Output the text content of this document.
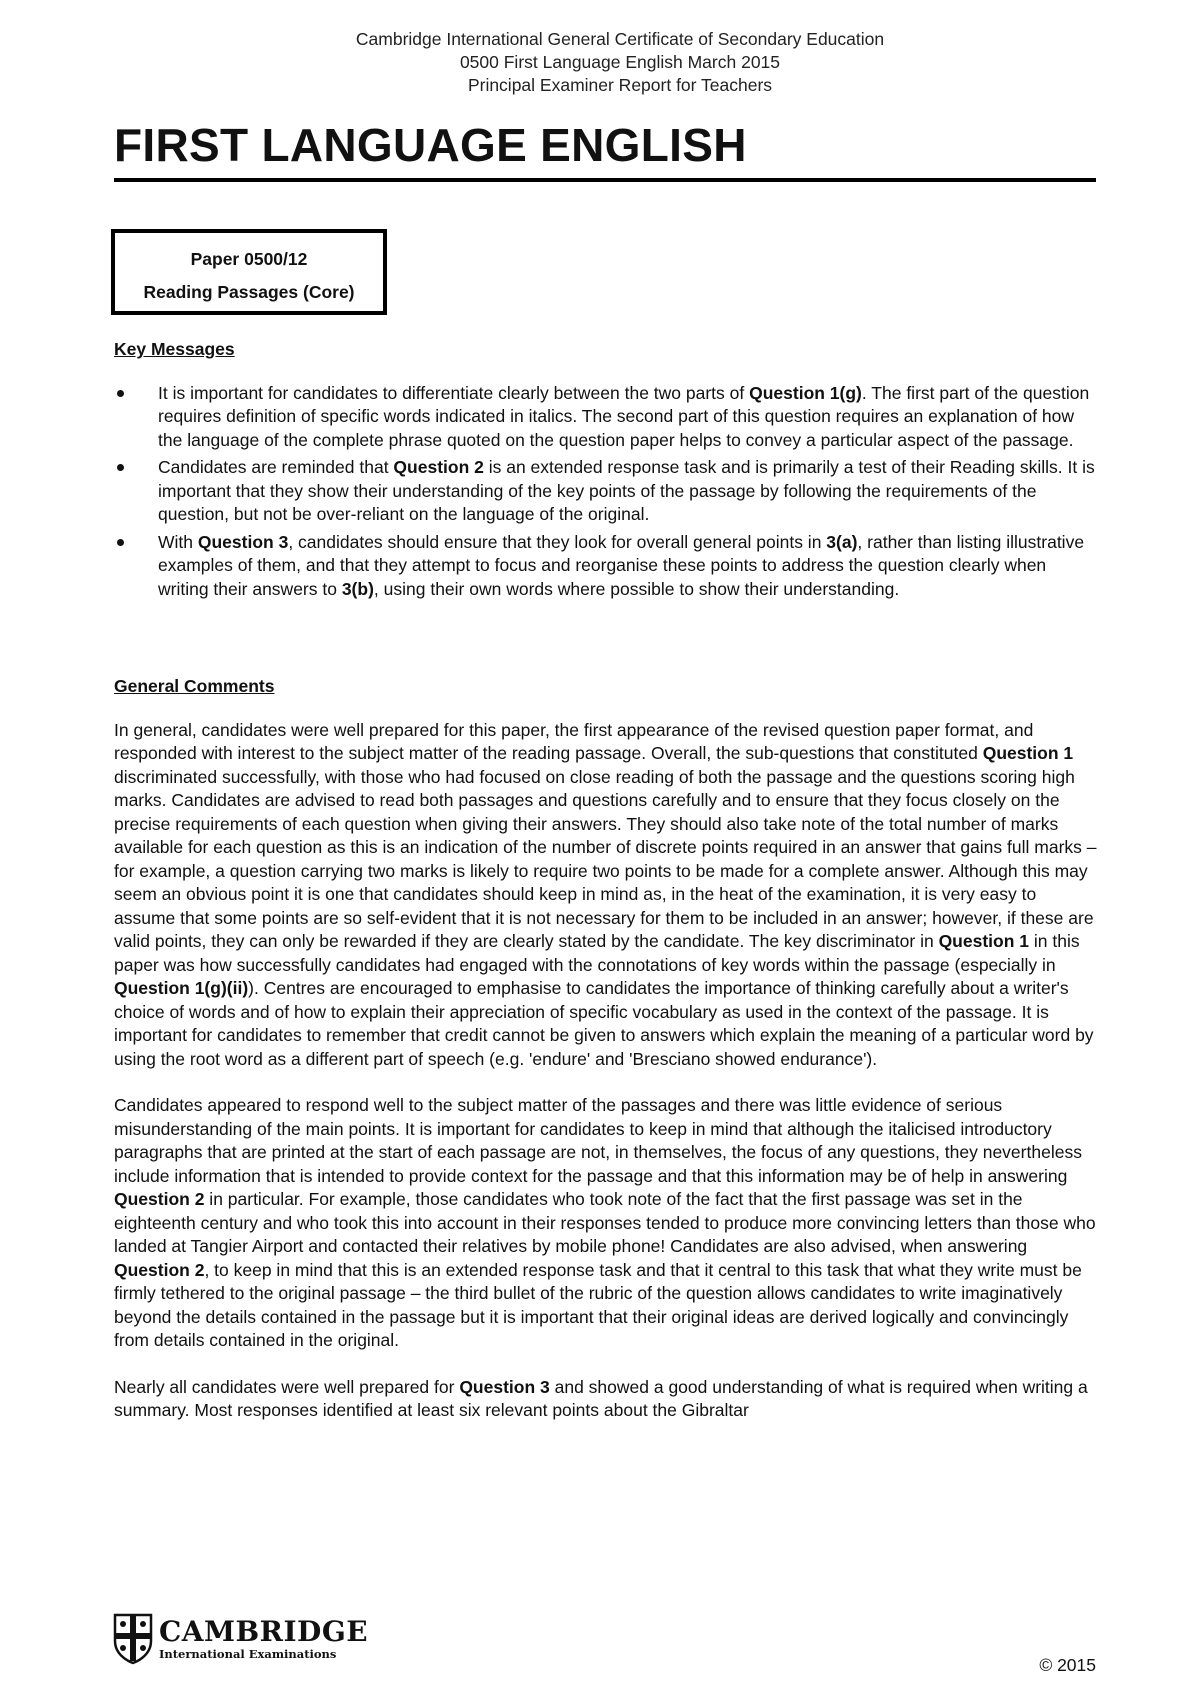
Cambridge International General Certificate of Secondary Education
0500 First Language English March 2015
Principal Examiner Report for Teachers
FIRST LANGUAGE ENGLISH
Paper 0500/12
Reading Passages (Core)
Key Messages
It is important for candidates to differentiate clearly between the two parts of Question 1(g). The first part of the question requires definition of specific words indicated in italics. The second part of this question requires an explanation of how the language of the complete phrase quoted on the question paper helps to convey a particular aspect of the passage.
Candidates are reminded that Question 2 is an extended response task and is primarily a test of their Reading skills. It is important that they show their understanding of the key points of the passage by following the requirements of the question, but not be over-reliant on the language of the original.
With Question 3, candidates should ensure that they look for overall general points in 3(a), rather than listing illustrative examples of them, and that they attempt to focus and reorganise these points to address the question clearly when writing their answers to 3(b), using their own words where possible to show their understanding.
General Comments

In general, candidates were well prepared for this paper, the first appearance of the revised question paper format, and responded with interest to the subject matter of the reading passage. Overall, the sub-questions that constituted Question 1 discriminated successfully, with those who had focused on close reading of both the passage and the questions scoring high marks. Candidates are advised to read both passages and questions carefully and to ensure that they focus closely on the precise requirements of each question when giving their answers. They should also take note of the total number of marks available for each question as this is an indication of the number of discrete points required in an answer that gains full marks – for example, a question carrying two marks is likely to require two points to be made for a complete answer. Although this may seem an obvious point it is one that candidates should keep in mind as, in the heat of the examination, it is very easy to assume that some points are so self-evident that it is not necessary for them to be included in an answer; however, if these are valid points, they can only be rewarded if they are clearly stated by the candidate. The key discriminator in Question 1 in this paper was how successfully candidates had engaged with the connotations of key words within the passage (especially in Question 1(g)(ii)). Centres are encouraged to emphasise to candidates the importance of thinking carefully about a writer's choice of words and of how to explain their appreciation of specific vocabulary as used in the context of the passage. It is important for candidates to remember that credit cannot be given to answers which explain the meaning of a particular word by using the root word as a different part of speech (e.g. 'endure' and 'Bresciano showed endurance').

Candidates appeared to respond well to the subject matter of the passages and there was little evidence of serious misunderstanding of the main points. It is important for candidates to keep in mind that although the italicised introductory paragraphs that are printed at the start of each passage are not, in themselves, the focus of any questions, they nevertheless include information that is intended to provide context for the passage and that this information may be of help in answering Question 2 in particular. For example, those candidates who took note of the fact that the first passage was set in the eighteenth century and who took this into account in their responses tended to produce more convincing letters than those who landed at Tangier Airport and contacted their relatives by mobile phone! Candidates are also advised, when answering Question 2, to keep in mind that this is an extended response task and that it central to this task that what they write must be firmly tethered to the original passage – the third bullet of the rubric of the question allows candidates to write imaginatively beyond the details contained in the passage but it is important that their original ideas are derived logically and convincingly from details contained in the original.

Nearly all candidates were well prepared for Question 3 and showed a good understanding of what is required when writing a summary. Most responses identified at least six relevant points about the Gibraltar

CAMBRIDGE
International Examinations
© 2015
